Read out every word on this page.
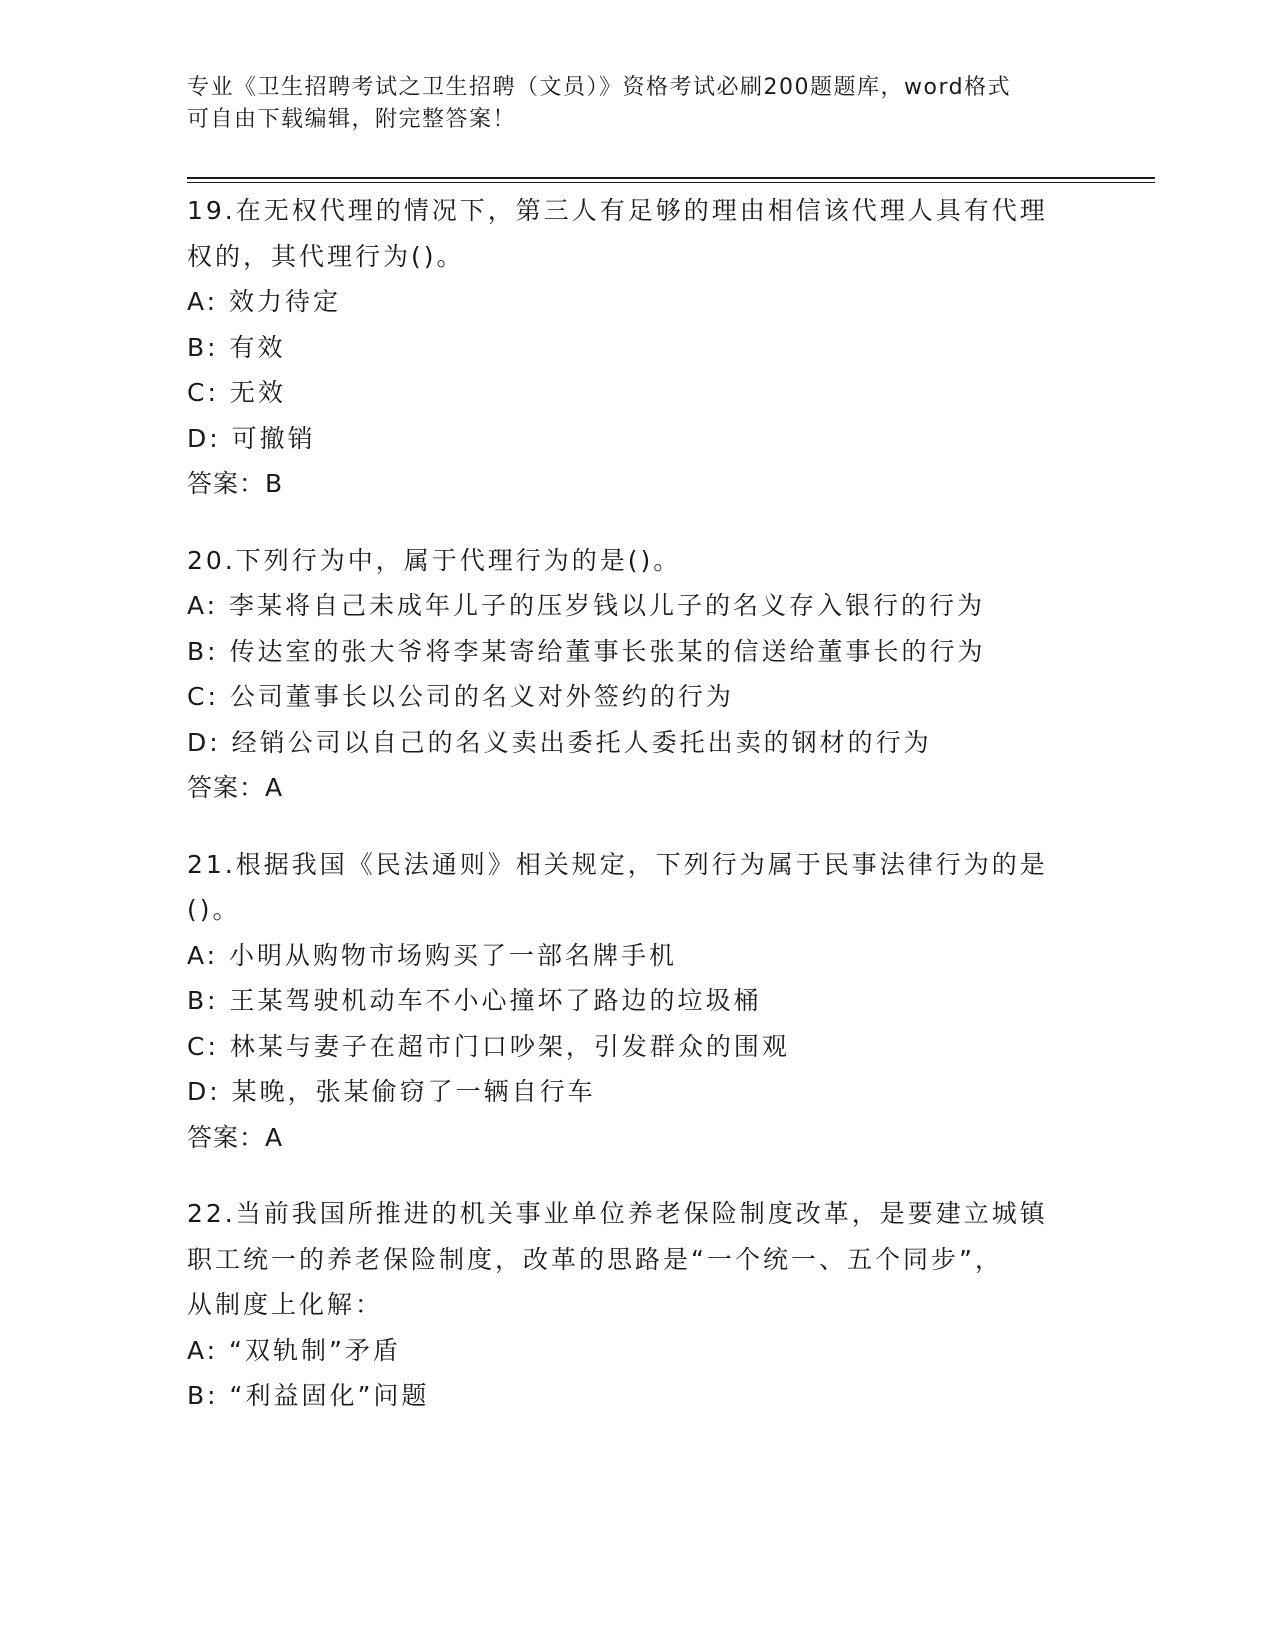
专业《卫生招聘考试之卫生招聘（文员）》资格考试必刷200题题库，word格式

可自由下载编辑，附完整答案！

19.在无权代理的情况下，第三人有足够的理由相信该代理人具有代理

权的，其代理行为()。

A: 效力待定

B: 有效

C: 无效

D: 可撤销

答案：B

20.下列行为中，属于代理行为的是()。

A: 李某将自己未成年儿子的压岁钱以儿子的名义存入银行的行为

B: 传达室的张大爷将李某寄给董事长张某的信送给董事长的行为

C: 公司董事长以公司的名义对外签约的行为

D: 经销公司以自己的名义卖出委托人委托出卖的钢材的行为

答案：A

21.根据我国《民法通则》相关规定，下列行为属于民事法律行为的是

()。

A: 小明从购物市场购买了一部名牌手机

B: 王某驾驶机动车不小心撞坏了路边的垃圾桶

C: 林某与妻子在超市门口吵架，引发群众的围观

D: 某晚，张某偷窃了一辆自行车

答案：A

22.当前我国所推进的机关事业单位养老保险制度改革，是要建立城镇

职工统一的养老保险制度，改革的思路是“一个统一、五个同步”，

从制度上化解：

A: “双轨制”矛盾

B: “利益固化”问题
